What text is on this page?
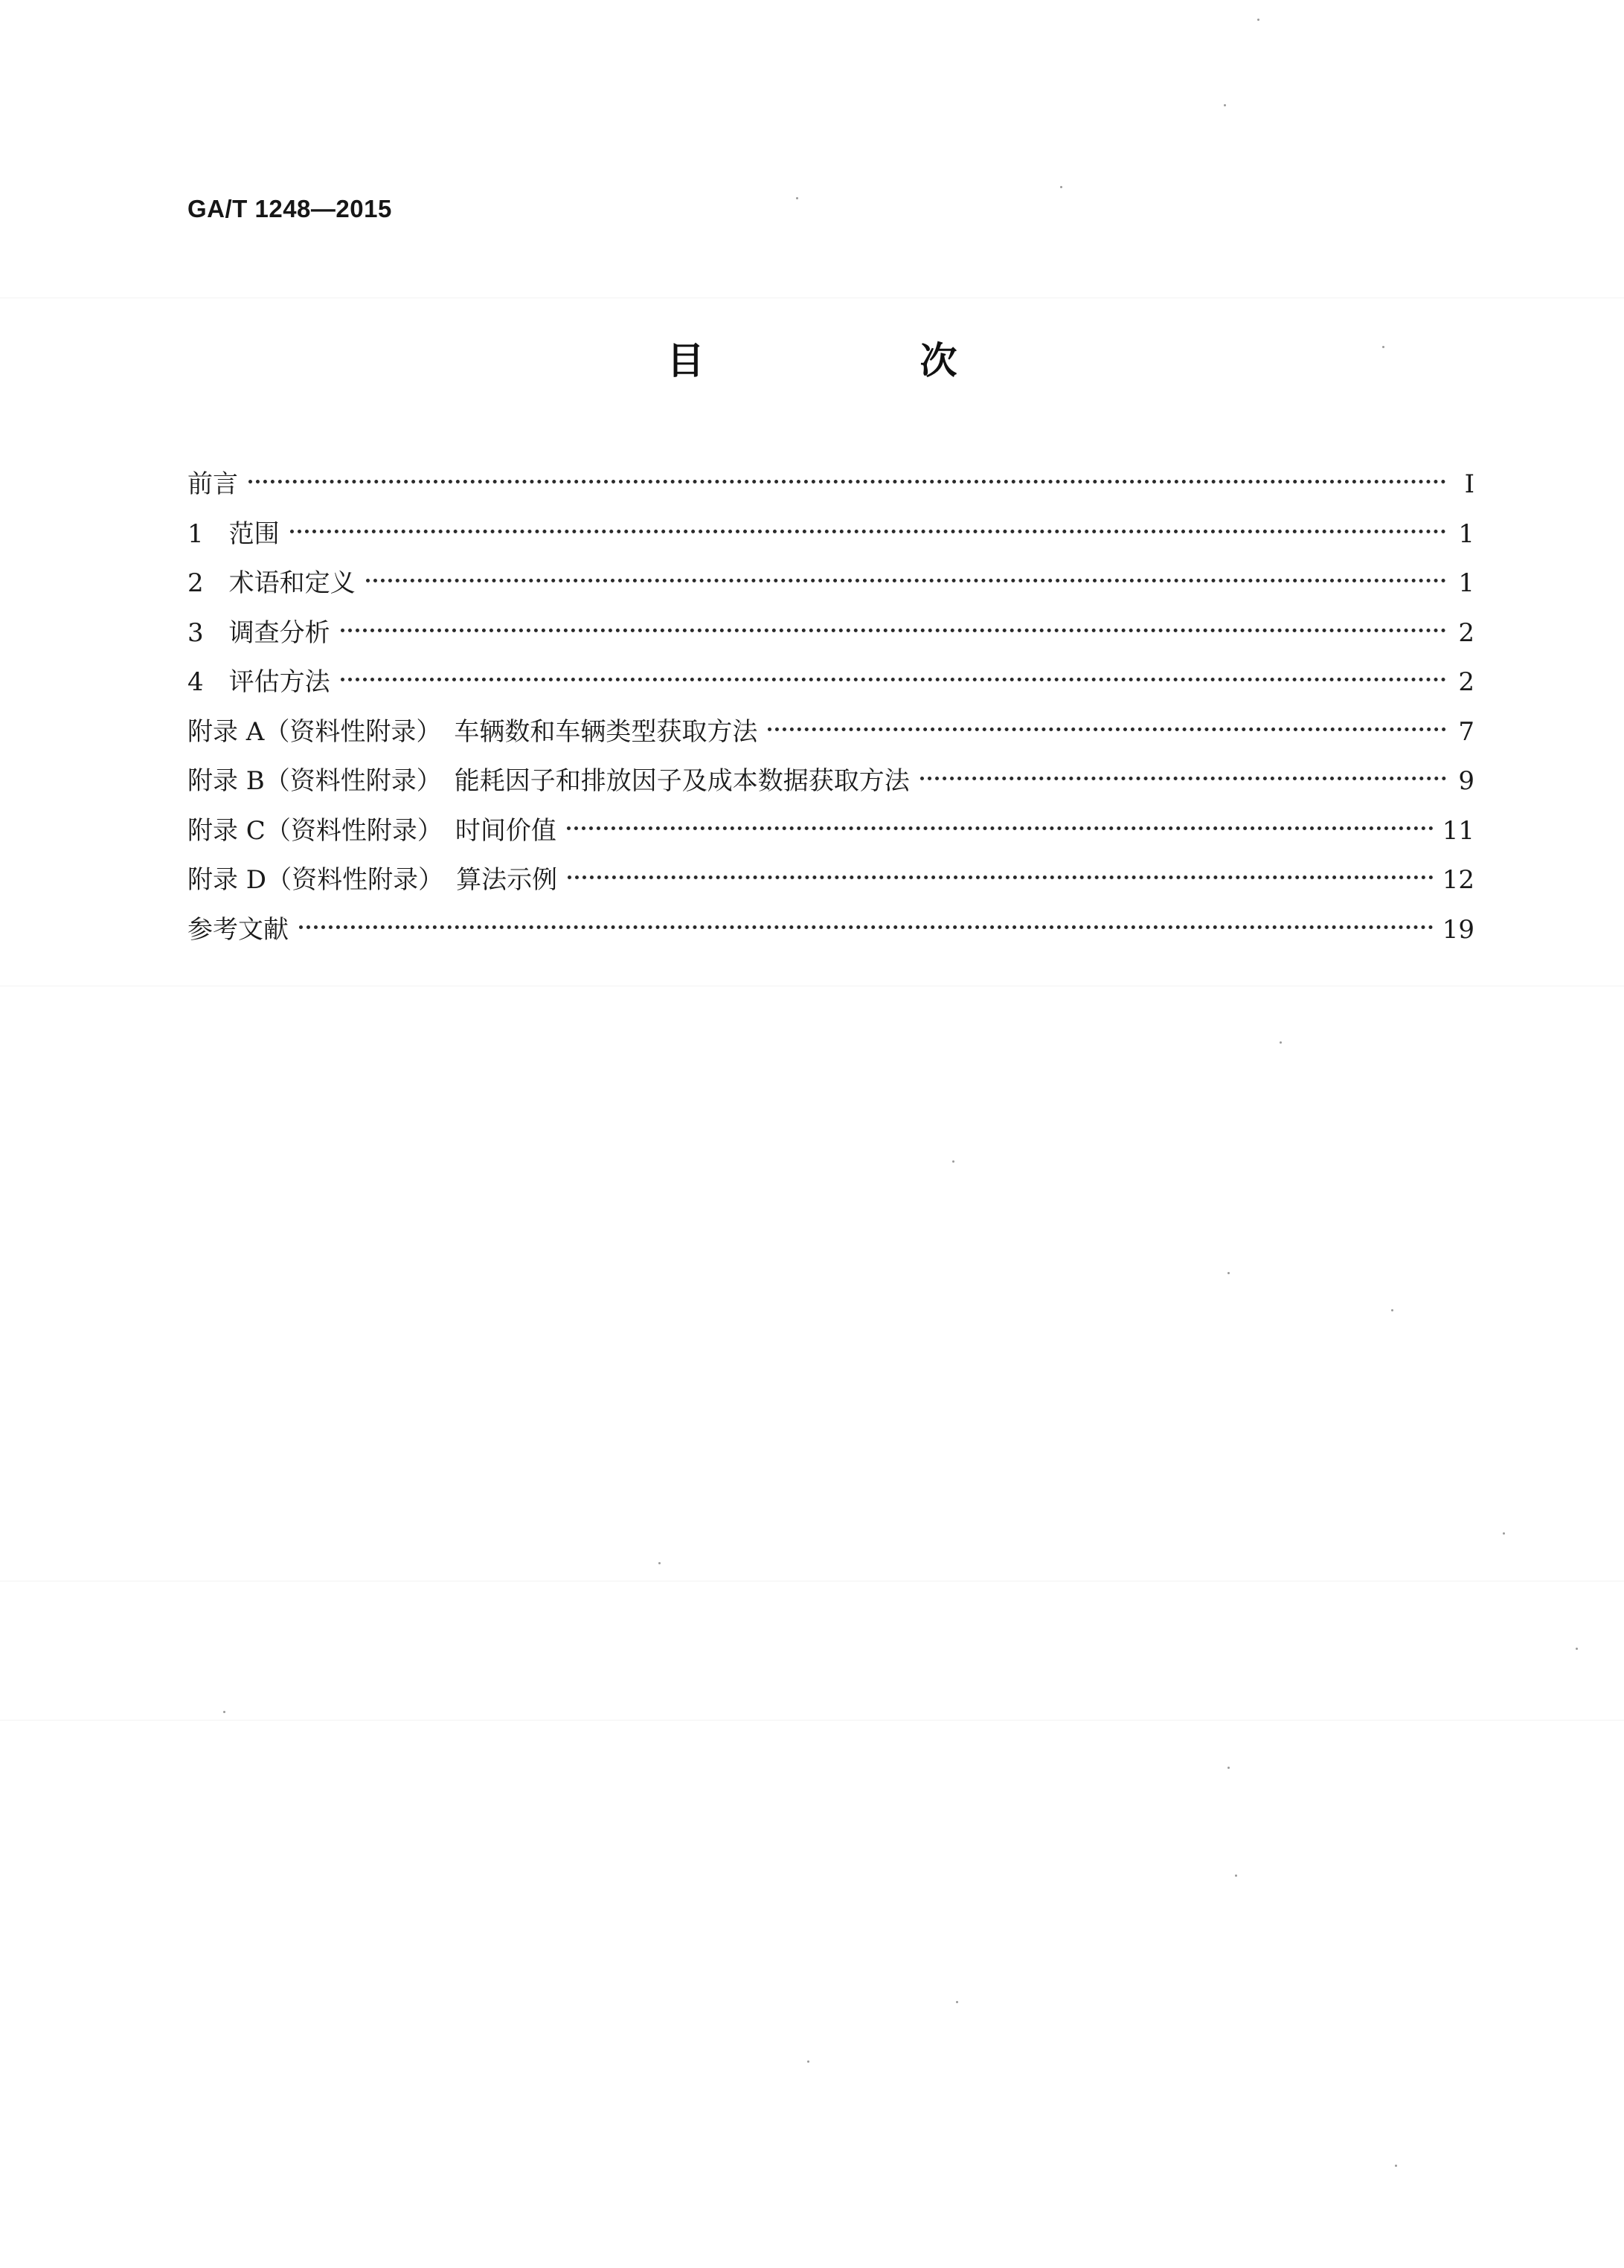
GA/T 1248—2015
目　次
前言	Ⅰ
1　范围	1
2　术语和定义	1
3　调查分析	2
4　评估方法	2
附录 A（资料性附录）　车辆数和车辆类型获取方法	7
附录 B（资料性附录）　能耗因子和排放因子及成本数据获取方法	9
附录 C（资料性附录）　时间价值	11
附录 D（资料性附录）　算法示例	12
参考文献	19
